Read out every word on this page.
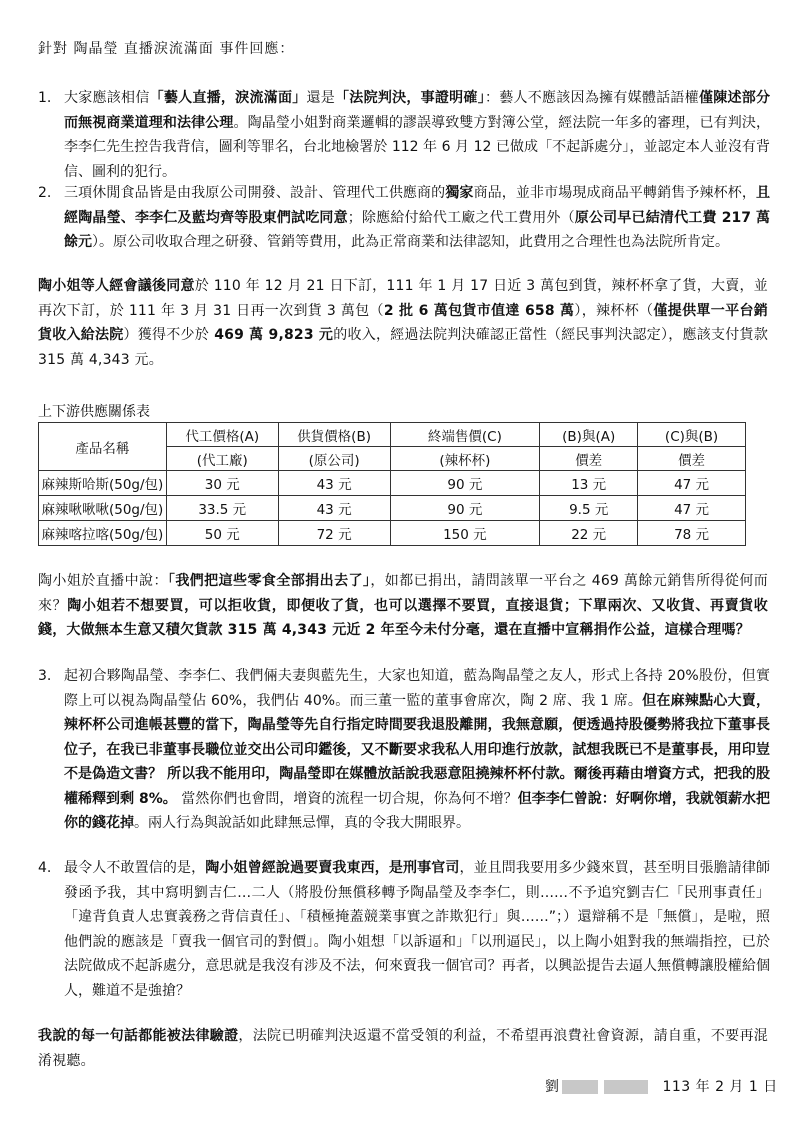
針對 陶晶瑩 直播淚流滿面 事件回應：
1. 大家應該相信「藝人直播，淚流滿面」還是「法院判決，事證明確」：藝人不應該因為擁有媒體話語權僅陳述部分而無視商業道理和法律公理。陶晶瑩小姐對商業邏輯的謬誤導致雙方對簿公堂，經法院一年多的審理，已有判決，李李仁先生控告我背信，圖利等罪名，台北地檢署於 112 年 6 月 12 已做成「不起訴處分」，並認定本人並沒有背信、圖利的犯行。
2. 三項休閒食品皆是由我原公司開發、設計、管理代工供應商的獨家商品，並非市場現成商品平轉銷售予辣杯杯，且經陶晶瑩、李李仁及藍均齊等股東們試吃同意；除應給付給代工廠之代工費用外（原公司早已結清代工費 217 萬餘元）。原公司收取合理之研發、管銷等費用，此為正常商業和法律認知，此費用之合理性也為法院所肯定。
陶小姐等人經會議後同意於 110 年 12 月 21 日下訂，111 年 1 月 17 日近 3 萬包到貨，辣杯杯拿了貨，大賣，並再次下訂，於 111 年 3 月 31 日再一次到貨 3 萬包（2 批 6 萬包貨市值達 658 萬），辣杯杯（僅提供單一平台銷貨收入給法院）獲得不少於 469 萬 9,823 元的收入，經過法院判決確認正當性（經民事判決認定），應該支付貨款 315 萬 4,343 元。
上下游供應關係表
產品名稱	代工價格(A)	供貨價格(B)	終端售價(C)	(B)與(A)	(C)與(B)
	(代工廠)	(原公司)	(辣杯杯)	價差	價差
麻辣斯哈斯(50g/包)	30 元	43 元	90 元	13 元	47 元
麻辣啾啾啾(50g/包)	33.5 元	43 元	90 元	9.5 元	47 元
麻辣喀拉喀(50g/包)	50 元	72 元	150 元	22 元	78 元
陶小姐於直播中說：「我們把這些零食全部捐出去了」，如都已捐出，請問該單一平台之 469 萬餘元銷售所得從何而來？陶小姐若不想要買，可以拒收貨，即便收了貨，也可以選擇不要買，直接退貨；下單兩次、又收貨、再賣貨收錢，大做無本生意又積欠貨款 315 萬 4,343 元近 2 年至今未付分毫，還在直播中宣稱捐作公益，這樣合理嗎？
3. 起初合夥陶晶瑩、李李仁、我們倆夫妻與藍先生，大家也知道，藍為陶晶瑩之友人，形式上各持 20%股份，但實際上可以視為陶晶瑩佔 60%，我們佔 40%。而三董一監的董事會席次，陶 2 席、我 1 席。但在麻辣點心大賣，辣杯杯公司進帳甚豐的當下，陶晶瑩等先自行指定時間要我退股離開，我無意願，便透過持股優勢將我拉下董事長位子，在我已非董事長職位並交出公司印鑑後，又不斷要求我私人用印進行放款，試想我既已不是董事長，用印豈不是偽造文書？ 所以我不能用印，陶晶瑩即在媒體放話說我惡意阻撓辣杯杯付款。爾後再藉由增資方式，把我的股權稀釋到剩 8%。 當然你們也會問，增資的流程一切合規，你為何不增？但李李仁曾說：好啊你增，我就領薪水把你的錢花掉。兩人行為與說話如此肆無忌憚，真的令我大開眼界。
4. 最令人不敢置信的是，陶小姐曾經說過要賣我東西，是刑事官司，並且問我要用多少錢來買，甚至明目張膽請律師發函予我，其中寫明劉吉仁…二人（將股份無償移轉予陶晶瑩及李李仁，則……不予追究劉吉仁「民刑事責任」「違背負責人忠實義務之背信責任」、「積極掩蓋競業事實之詐欺犯行」與……”；）還辯稱不是「無償」，是啦，照他們說的應該是「賣我一個官司的對價」。陶小姐想「以訴逼和」「以刑逼民」，以上陶小姐對我的無端指控，已於法院做成不起訴處分，意思就是我沒有涉及不法，何來賣我一個官司？再者，以興訟提告去逼人無償轉讓股權給個人，難道不是強搶？
我說的每一句話都能被法律驗證，法院已明確判決返還不當受領的利益，不希望再浪費社會資源，請自重，不要再混淆視聽。
劉	113 年 2 月 1 日
